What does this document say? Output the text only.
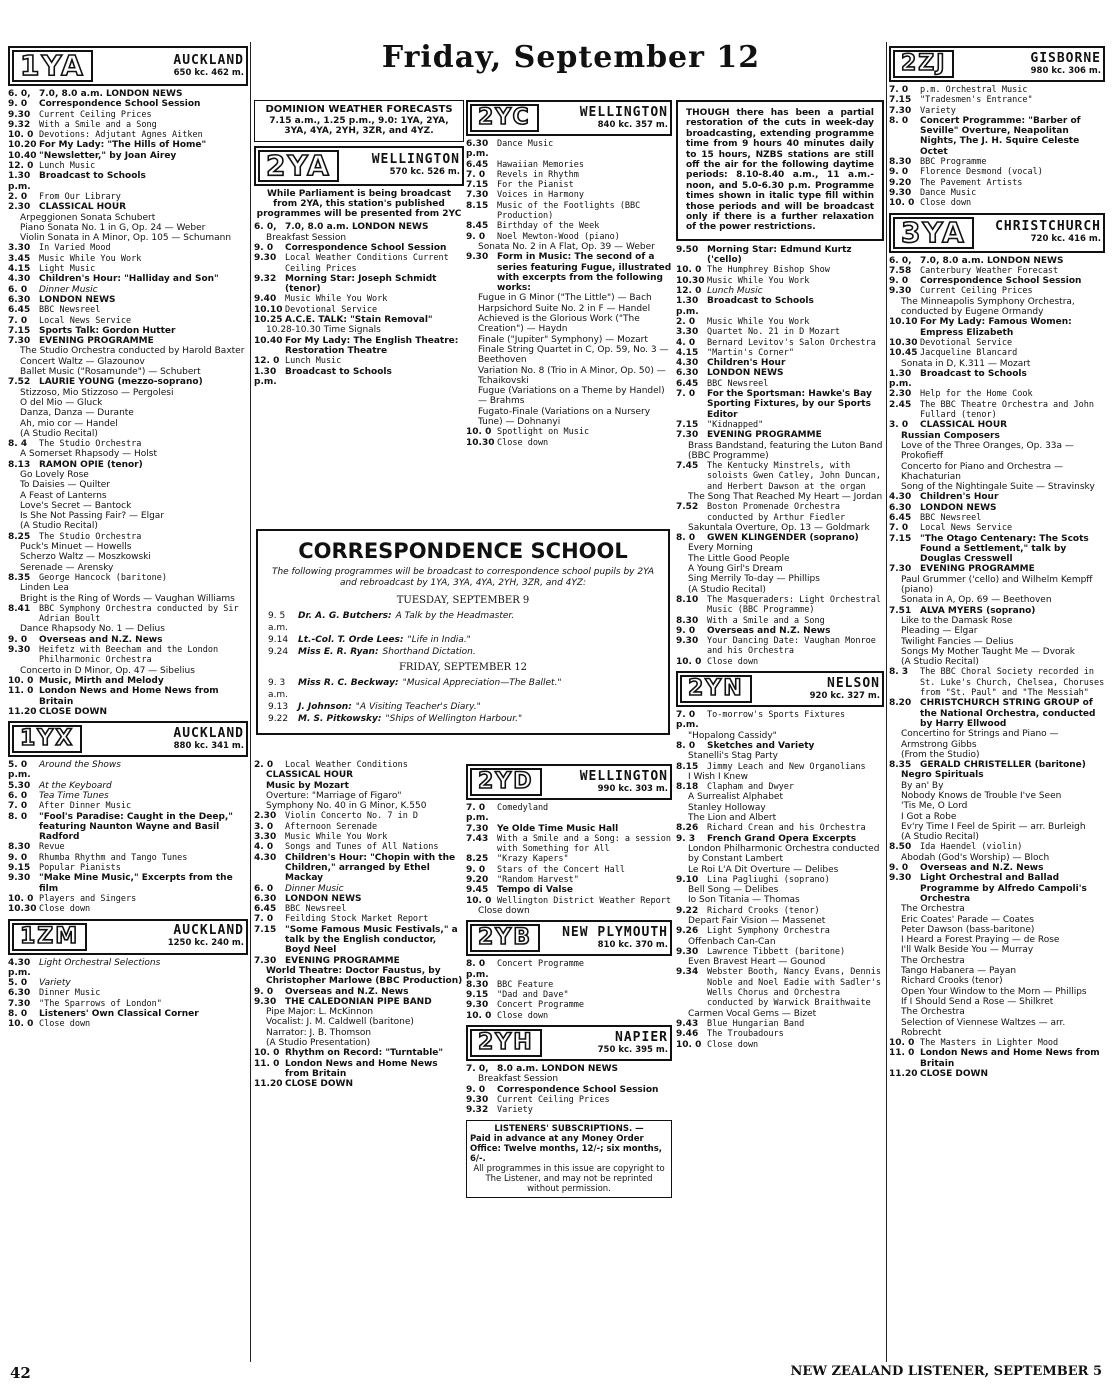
Friday, September 12
1YA	AUCKLAND
650 kc. 462 m.
6. 0, 7.0, 8.0 a.m. LONDON NEWS
9. 0	Correspondence School Session
9.30	Current Ceiling Prices
9.32	With a Smile and a Song
10. 0 Devotions: Adjutant Agnes Aitken
10.20 For My Lady: "The Hills of Home"
10.40 "Newsletter," by Joan Airey
12. 0 Lunch Music
1.30 p.m.
Broadcast to Schools
2. 0	From Our Library
2.30 CLASSICAL HOUR
Arpeggionen Sonata Schubert
Piano Sonata No. 1 in G, Op. 24 — Weber
Violin Sonata in A Minor, Op. 105 — Schumann
3.30	In Varied Mood
3.45	Music While You Work
4.15	Light Music
4.30 Children's Hour: "Halliday and Son"
6. 0	Dinner Music
6.30 LONDON NEWS
6.45	BBC Newsreel
7. 0	Local News Service
7.15 Sports Talk: Gordon Hutter
7.30 EVENING PROGRAMME
The Studio Orchestra conducted by Harold Baxter
Concert Waltz — Glazounov
Ballet Music ("Rosamunde") — Schubert
7.52 LAURIE YOUNG (mezzo-soprano)
Stizzoso, Mio Stizzoso — Pergolesi
O del Mio — Gluck
Danza, Danza — Durante
Ah, mio cor — Handel
(A Studio Recital)
8. 4	The Studio Orchestra
A Somerset Rhapsody — Holst
8.13 RAMON OPIE (tenor)
Go Lovely Rose
To Daisies — Quilter
A Feast of Lanterns
Love's Secret — Bantock
Is She Not Passing Fair? — Elgar
(A Studio Recital)
8.25	The Studio Orchestra
Puck's Minuet — Howells
Scherzo Waltz — Moszkowski
Serenade — Arensky
8.35	George Hancock (baritone)
Linden Lea
Bright is the Ring of Words — Vaughan Williams
8.41	BBC Symphony Orchestra conducted by Sir Adrian Boult
Dance Rhapsody No. 1 — Delius
9. 0	Overseas and N.Z. News
9.30	Heifetz with Beecham and the London Philharmonic Orchestra
Concerto in D Minor, Op. 47 — Sibelius
10. 0 Music, Mirth and Melody
11. 0 London News and Home News from Britain
11.20 CLOSE DOWN
1YX	AUCKLAND
880 kc. 341 m.
5. 0 p.m.
Around the Shows
5.30 At the Keyboard
6. 0	Tea Time Tunes
7. 0	After Dinner Music
8. 0	"Fool's Paradise: Caught in the Deep," featuring Naunton Wayne and Basil Radford
8.30	Revue
9. 0	Rhumba Rhythm and Tango Tunes
9.15	Popular Pianists
9.30 "Make Mine Music," Excerpts from the film
10. 0 Players and Singers
10.30 Close down
1ZM	AUCKLAND
1250 kc. 240 m.
4.30 p.m.
Light Orchestral Selections
5. 0	Variety
6.30	Dinner Music
7.30	"The Sparrows of London"
8. 0	Listeners' Own Classical Corner
10. 0 Close down
DOMINION WEATHER FORECASTS
7.15 a.m., 1.25 p.m., 9.0: 1YA, 2YA, 3YA, 4YA, 2YH, 3ZR, and 4YZ.
2YA	WELLINGTON
570 kc. 526 m.
While Parliament is being broadcast from 2YA, this station's published programmes will be presented from 2YC
6. 0, 7.0, 8.0 a.m. LONDON NEWS
Breakfast Session
9. 0	Correspondence School Session
9.30	Local Weather Conditions Current Ceiling Prices
9.32 Morning Star: Joseph Schmidt (tenor)
9.40	Music While You Work
10.10 Devotional Service
10.25 A.C.E. TALK: "Stain Removal"
10.28-10.30 Time Signals
10.40 For My Lady: The English Theatre: Restoration Theatre
12. 0 Lunch Music
1.30 p.m.
Broadcast to Schools
2YC	WELLINGTON
840 kc. 357 m.
6.30 p.m.
Dance Music
6.45	Hawaiian Memories
7. 0	Revels in Rhythm
7.15	For the Pianist
7.30	Voices in Harmony
8.15	Music of the Footlights (BBC Production)
8.45	Birthday of the Week
9. 0	Noel Mewton-Wood (piano)
Sonata No. 2 in A Flat, Op. 39 — Weber
9.30 Form in Music: The second of a series featuring Fugue, illustrated with excerpts from the following works:
Fugue in G Minor ("The Little") — Bach
Harpsichord Suite No. 2 in F — Handel
Achieved is the Glorious Work ("The Creation") — Haydn
Finale ("Jupiter" Symphony) — Mozart
Finale String Quartet in C, Op. 59, No. 3 — Beethoven
Variation No. 8 (Trio in A Minor, Op. 50) — Tchaikovski
Fugue (Variations on a Theme by Handel) — Brahms
Fugato-Finale (Variations on a Nursery Tune) — Dohnanyi
10. 0 Spotlight on Music
10.30 Close down
CORRESPONDENCE SCHOOL
The following programmes will be broadcast to correspondence school pupils by 2YA and rebroadcast by 1YA, 3YA, 4YA, 2YH, 3ZR, and 4YZ:
TUESDAY, SEPTEMBER 9
9. 5 a.m.
Dr. A. G. Butchers: A Talk by the Headmaster.
9.14	Lt.-Col. T. Orde Lees: "Life in India."
9.24	Miss E. R. Ryan: Shorthand Dictation.
FRIDAY, SEPTEMBER 12
9. 3 a.m.
Miss R. C. Beckway: "Musical Appreciation—The Ballet."
9.13	J. Johnson: "A Visiting Teacher's Diary."
9.22	M. S. Pitkowsky: "Ships of Wellington Harbour."
2. 0	Local Weather Conditions
CLASSICAL HOUR
Music by Mozart
Overture: "Marriage of Figaro"
Symphony No. 40 in G Minor, K.550
2.30	Violin Concerto No. 7 in D
3. 0	Afternoon Serenade
3.30	Music While You Work
4. 0	Songs and Tunes of All Nations
4.30 Children's Hour: "Chopin with the Children," arranged by Ethel Mackay
6. 0	Dinner Music
6.30 LONDON NEWS
6.45	BBC Newsreel
7. 0	Feilding Stock Market Report
7.15 "Some Famous Music Festivals," a talk by the English conductor, Boyd Neel
7.30 EVENING PROGRAMME
World Theatre: Doctor Faustus, by Christopher Marlowe (BBC Production)
9. 0	Overseas and N.Z. News
9.30 THE CALEDONIAN PIPE BAND
Pipe Major: L. McKinnon
Vocalist: J. M. Caldwell (baritone)
Narrator: J. B. Thomson
(A Studio Presentation)
10. 0 Rhythm on Record: "Turntable"
11. 0 London News and Home News from Britain
11.20 CLOSE DOWN
2YD	WELLINGTON
990 kc. 303 m.
7. 0 p.m.
Comedyland
7.30 Ye Olde Time Music Hall
7.43	With a Smile and a Song: a session with Something for All
8.25	"Krazy Kapers"
9. 0	Stars of the Concert Hall
9.20	"Random Harvest"
9.45 Tempo di Valse
10. 0 Wellington District Weather Report
Close down
2YB	NEW PLYMOUTH
810 kc. 370 m.
8. 0 p.m.
Concert Programme
8.30	BBC Feature
9.15	"Dad and Dave"
9.30	Concert Programme
10. 0 Close down
2YH	NAPIER
750 kc. 395 m.
7. 0, 8.0 a.m. LONDON NEWS
Breakfast Session
9. 0	Correspondence School Session
9.30	Current Ceiling Prices
9.32	Variety
LISTENERS' SUBSCRIPTIONS. —
Paid in advance at any Money Order Office: Twelve months, 12/-; six months, 6/-.
All programmes in this issue are copyright to The Listener, and may not be reprinted without permission.
THOUGH there has been a partial restoration of the cuts in week-day broadcasting, extending programme time from 9 hours 40 minutes daily to 15 hours, NZBS stations are still off the air for the following daytime periods: 8.10-8.40 a.m., 11 a.m.-noon, and 5.0-6.30 p.m. Programme times shown in italic type fill within those periods and will be broadcast only if there is a further relaxation of the power restrictions.
9.50 Morning Star: Edmund Kurtz ('cello)
10. 0 The Humphrey Bishop Show
10.30 Music While You Work
12. 0 Lunch Music
1.30 p.m.
Broadcast to Schools
2. 0	Music While You Work
3.30	Quartet No. 21 in D Mozart
4. 0	Bernard Levitov's Salon Orchestra
4.15	"Martin's Corner"
4.30 Children's Hour
6.30 LONDON NEWS
6.45	BBC Newsreel
7. 0	For the Sportsman: Hawke's Bay Sporting Fixtures, by our Sports Editor
7.15	"Kidnapped"
7.30 EVENING PROGRAMME
Brass Bandstand, featuring the Luton Band (BBC Programme)
7.45	The Kentucky Minstrels, with soloists Gwen Catley, John Duncan, and Herbert Dawson at the organ
The Song That Reached My Heart — Jordan
7.52	Boston Promenade Orchestra conducted by Arthur Fiedler
Sakuntala Overture, Op. 13 — Goldmark
8. 0	GWEN KLINGENDER (soprano)
Every Morning
The Little Good People
A Young Girl's Dream
Sing Merrily To-day — Phillips
(A Studio Recital)
8.10	The Masqueraders: Light Orchestral Music (BBC Programme)
8.30	With a Smile and a Song
9. 0	Overseas and N.Z. News
9.30	Your Dancing Date: Vaughan Monroe and his Orchestra
10. 0 Close down
2YN	NELSON
920 kc. 327 m.
7. 0 p.m.
To-morrow's Sports Fixtures
"Hopalong Cassidy"
8. 0	Sketches and Variety
Stanelli's Stag Party
8.15	Jimmy Leach and New Organolians
I Wish I Knew
8.18	Clapham and Dwyer
A Surrealist Alphabet
Stanley Holloway
The Lion and Albert
8.26	Richard Crean and his Orchestra
9. 3	French Grand Opera Excerpts
London Philharmonic Orchestra conducted by Constant Lambert
Le Roi L'A Dit Overture — Delibes
9.10	Lina Pagliughi (soprano)
Bell Song — Delibes
Io Son Titania — Thomas
9.22	Richard Crooks (tenor)
Depart Fair Vision — Massenet
9.26	Light Symphony Orchestra
Offenbach Can-Can
9.30	Lawrence Tibbett (baritone)
Even Bravest Heart — Gounod
9.34	Webster Booth, Nancy Evans, Dennis Noble and Noel Eadie with Sadler's Wells Chorus and Orchestra conducted by Warwick Braithwaite
Carmen Vocal Gems — Bizet
9.43	Blue Hungarian Band
9.46	The Troubadours
10. 0 Close down
2ZJ	GISBORNE
980 kc. 306 m.
7. 0	p.m. Orchestral Music
7.15	"Tradesmen's Entrance"
7.30	Variety
8. 0	Concert Programme: "Barber of Seville" Overture, Neapolitan Nights, The J. H. Squire Celeste Octet
8.30	BBC Programme
9. 0	Florence Desmond (vocal)
9.20	The Pavement Artists
9.30	Dance Music
10. 0 Close down
3YA	CHRISTCHURCH
720 kc. 416 m.
6. 0, 7.0, 8.0 a.m. LONDON NEWS
7.58	Canterbury Weather Forecast
9. 0	Correspondence School Session
9.30	Current Ceiling Prices
The Minneapolis Symphony Orchestra, conducted by Eugene Ormandy
10.10 For My Lady: Famous Women: Empress Elizabeth
10.30 Devotional Service
10.45 Jacqueline Blancard
Sonata in D, K.311 — Mozart
1.30 p.m.
Broadcast to Schools
2.30	Help for the Home Cook
2.45	The BBC Theatre Orchestra and John Fullard (tenor)
3. 0	CLASSICAL HOUR
Russian Composers
Love of the Three Oranges, Op. 33a — Prokofieff
Concerto for Piano and Orchestra — Khachaturian
Song of the Nightingale Suite — Stravinsky
4.30 Children's Hour
6.30 LONDON NEWS
6.45	BBC Newsreel
7. 0	Local News Service
7.15 "The Otago Centenary: The Scots Found a Settlement," talk by Douglas Cresswell
7.30 EVENING PROGRAMME
Paul Grummer ('cello) and Wilhelm Kempff (piano)
Sonata in A, Op. 69 — Beethoven
7.51 ALVA MYERS (soprano)
Like to the Damask Rose
Pleading — Elgar
Twilight Fancies — Delius
Songs My Mother Taught Me — Dvorak
(A Studio Recital)
8. 3	The BBC Choral Society recorded in St. Luke's Church, Chelsea, Choruses from "St. Paul" and "The Messiah"
8.20 CHRISTCHURCH STRING GROUP of the National Orchestra, conducted by Harry Ellwood
Concertino for Strings and Piano — Armstrong Gibbs
(From the Studio)
8.35 GERALD CHRISTELLER (baritone)
Negro Spirituals
By an' By
Nobody Knows de Trouble I've Seen
'Tis Me, O Lord
I Got a Robe
Ev'ry Time I Feel de Spirit — arr. Burleigh
(A Studio Recital)
8.50	Ida Haendel (violin)
Abodah (God's Worship) — Bloch
9. 0	Overseas and N.Z. News
9.30 Light Orchestral and Ballad Programme by Alfredo Campoli's Orchestra
The Orchestra
Eric Coates' Parade — Coates
Peter Dawson (bass-baritone)
I Heard a Forest Praying — de Rose
I'll Walk Beside You — Murray
The Orchestra
Tango Habanera — Payan
Richard Crooks (tenor)
Open Your Window to the Morn — Phillips
If I Should Send a Rose — Shilkret
The Orchestra
Selection of Viennese Waltzes — arr. Robrecht
10. 0 The Masters in Lighter Mood
11. 0 London News and Home News from Britain
11.20 CLOSE DOWN
42	NEW ZEALAND LISTENER, SEPTEMBER 5
